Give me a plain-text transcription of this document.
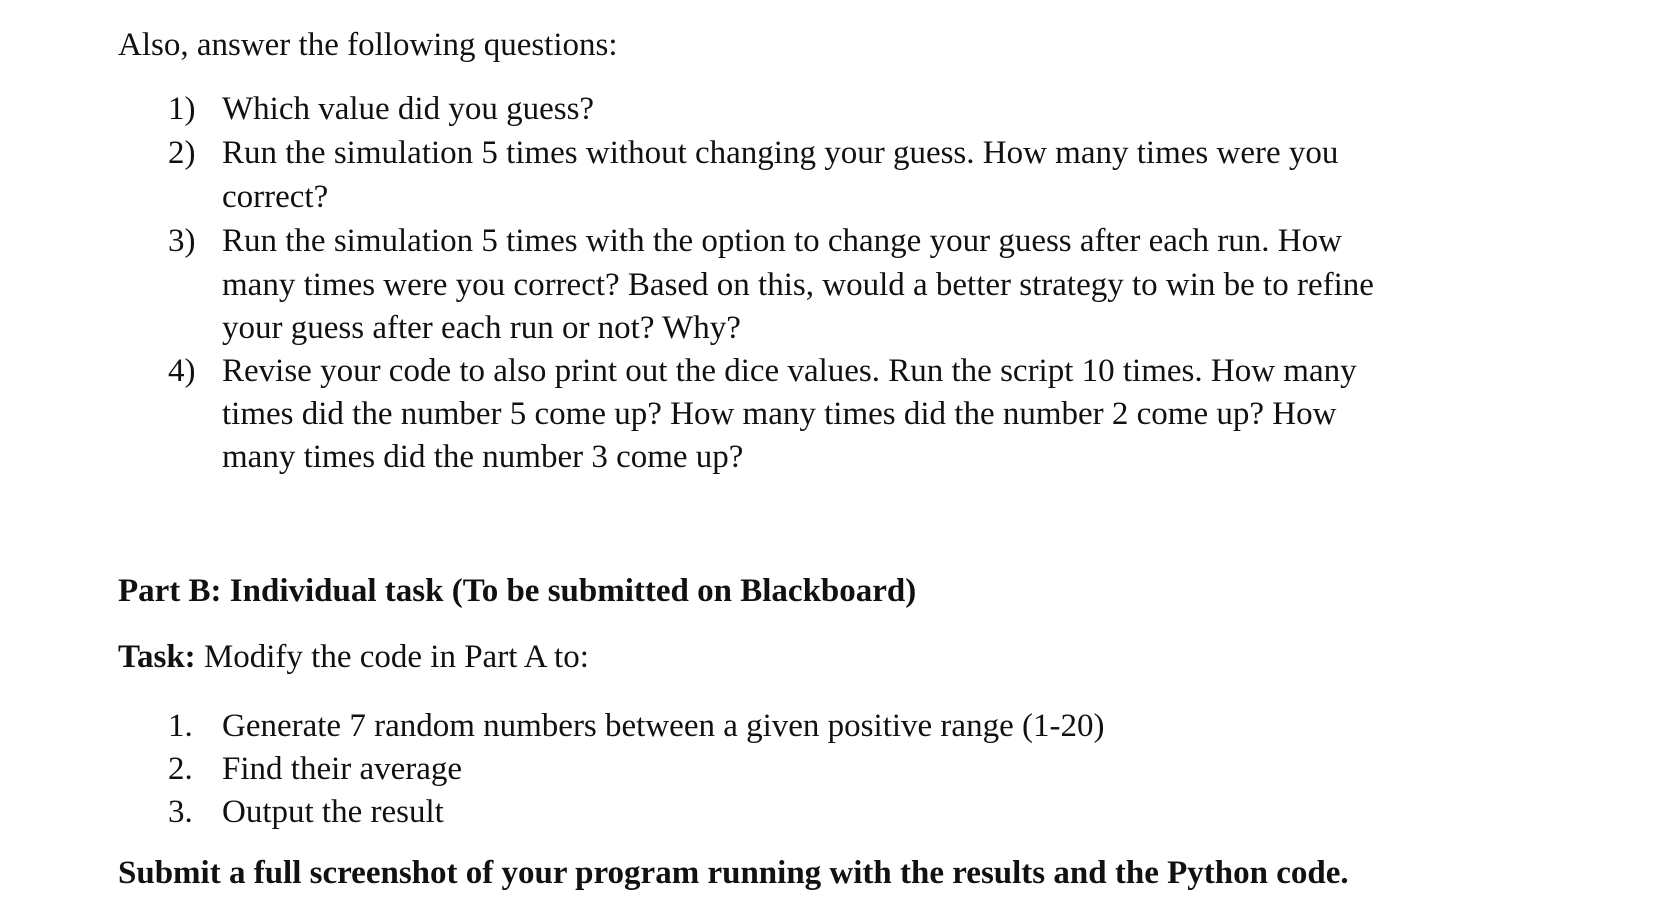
Also, answer the following questions:
1) Which value did you guess?
2) Run the simulation 5 times without changing your guess. How many times were you
correct?
3) Run the simulation 5 times with the option to change your guess after each run. How
many times were you correct? Based on this, would a better strategy to win be to refine
your guess after each run or not? Why?
4) Revise your code to also print out the dice values. Run the script 10 times. How many
times did the number 5 come up? How many times did the number 2 come up? How
many times did the number 3 come up?
Part B: Individual task (To be submitted on Blackboard)
Task: Modify the code in Part A to:
1. Generate 7 random numbers between a given positive range (1-20)
2. Find their average
3. Output the result
Submit a full screenshot of your program running with the results and the Python code.
